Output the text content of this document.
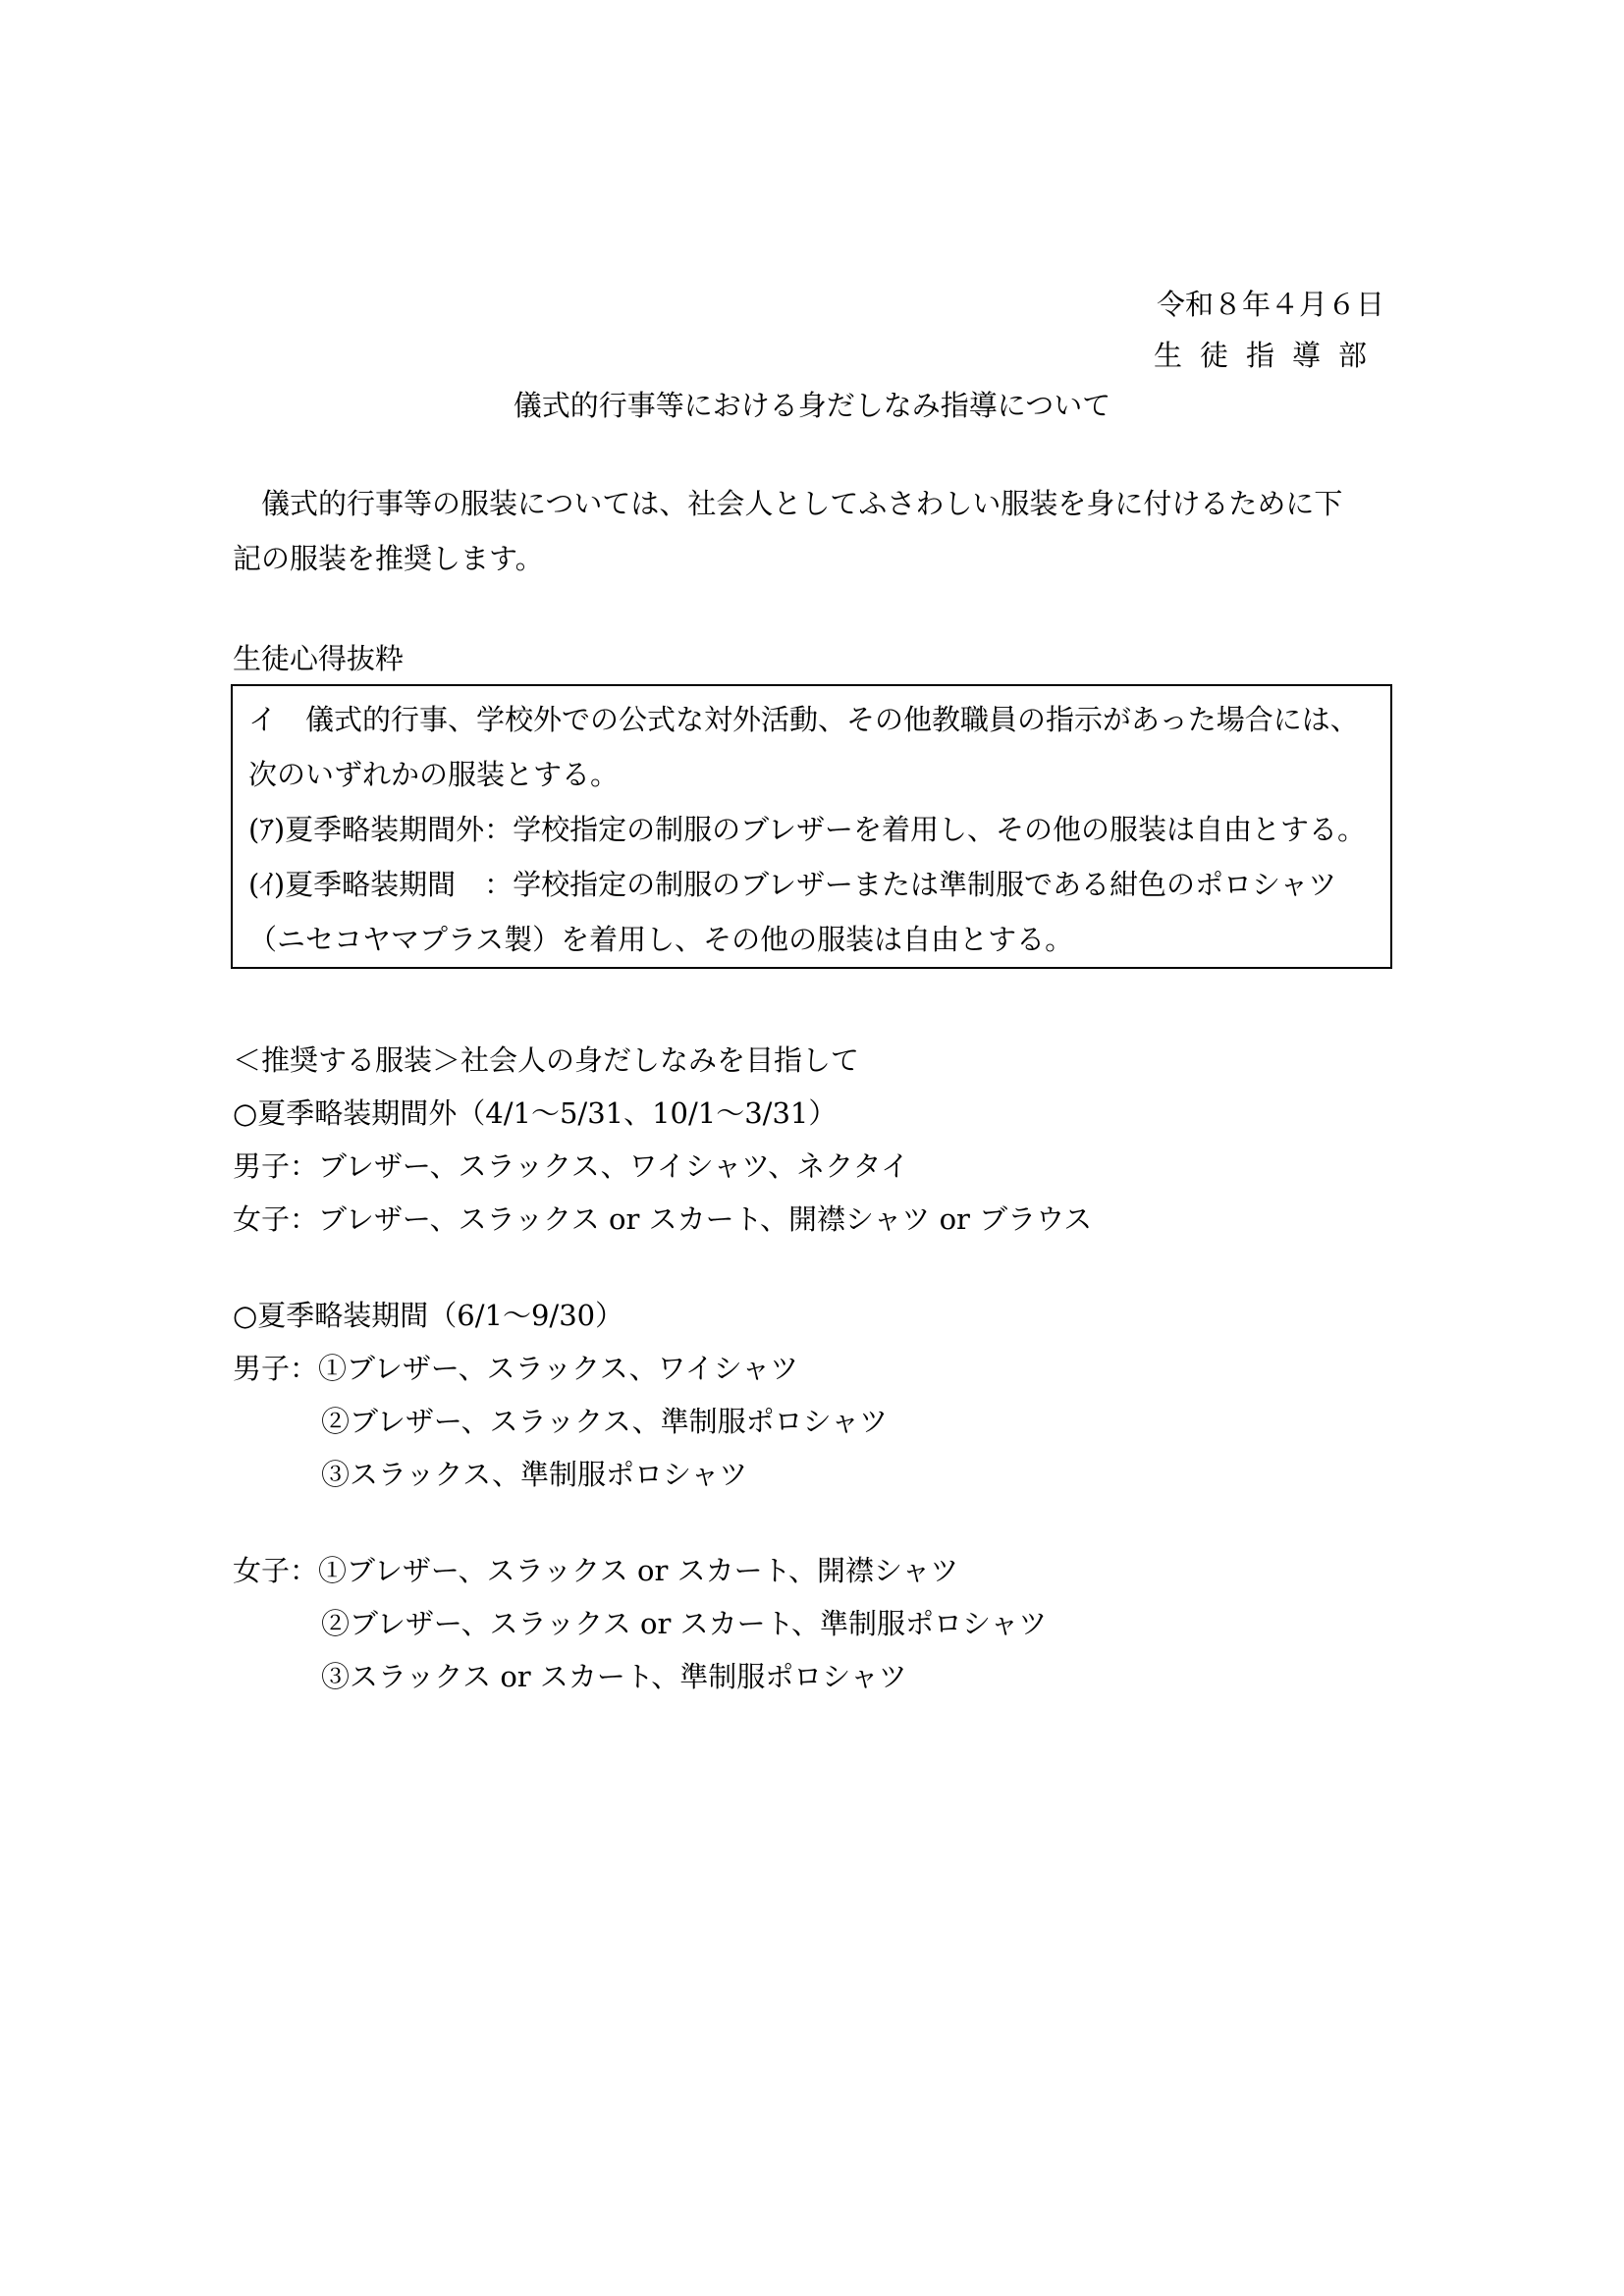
令和８年４月６日
生徒指導部
儀式的行事等における身だしなみ指導について
　儀式的行事等の服装については、社会人としてふさわしい服装を身に付けるために下
記の服装を推奨します。
生徒心得抜粋
イ　儀式的行事、学校外での公式な対外活動、その他教職員の指示があった場合には、
次のいずれかの服装とする。
(ｱ)夏季略装期間外：学校指定の制服のブレザーを着用し、その他の服装は自由とする。
(ｲ)夏季略装期間　：学校指定の制服のブレザーまたは準制服である紺色のポロシャツ
（ニセコヤマプラス製）を着用し、その他の服装は自由とする。
＜推奨する服装＞社会人の身だしなみを目指して
○夏季略装期間外（4/1～5/31、10/1～3/31）
男子：ブレザー、スラックス、ワイシャツ、ネクタイ
女子：ブレザー、スラックス or スカート、開襟シャツ or ブラウス
○夏季略装期間（6/1～9/30）
男子：①ブレザー、スラックス、ワイシャツ
②ブレザー、スラックス、準制服ポロシャツ
③スラックス、準制服ポロシャツ
女子：①ブレザー、スラックス or スカート、開襟シャツ
②ブレザー、スラックス or スカート、準制服ポロシャツ
③スラックス or スカート、準制服ポロシャツ
